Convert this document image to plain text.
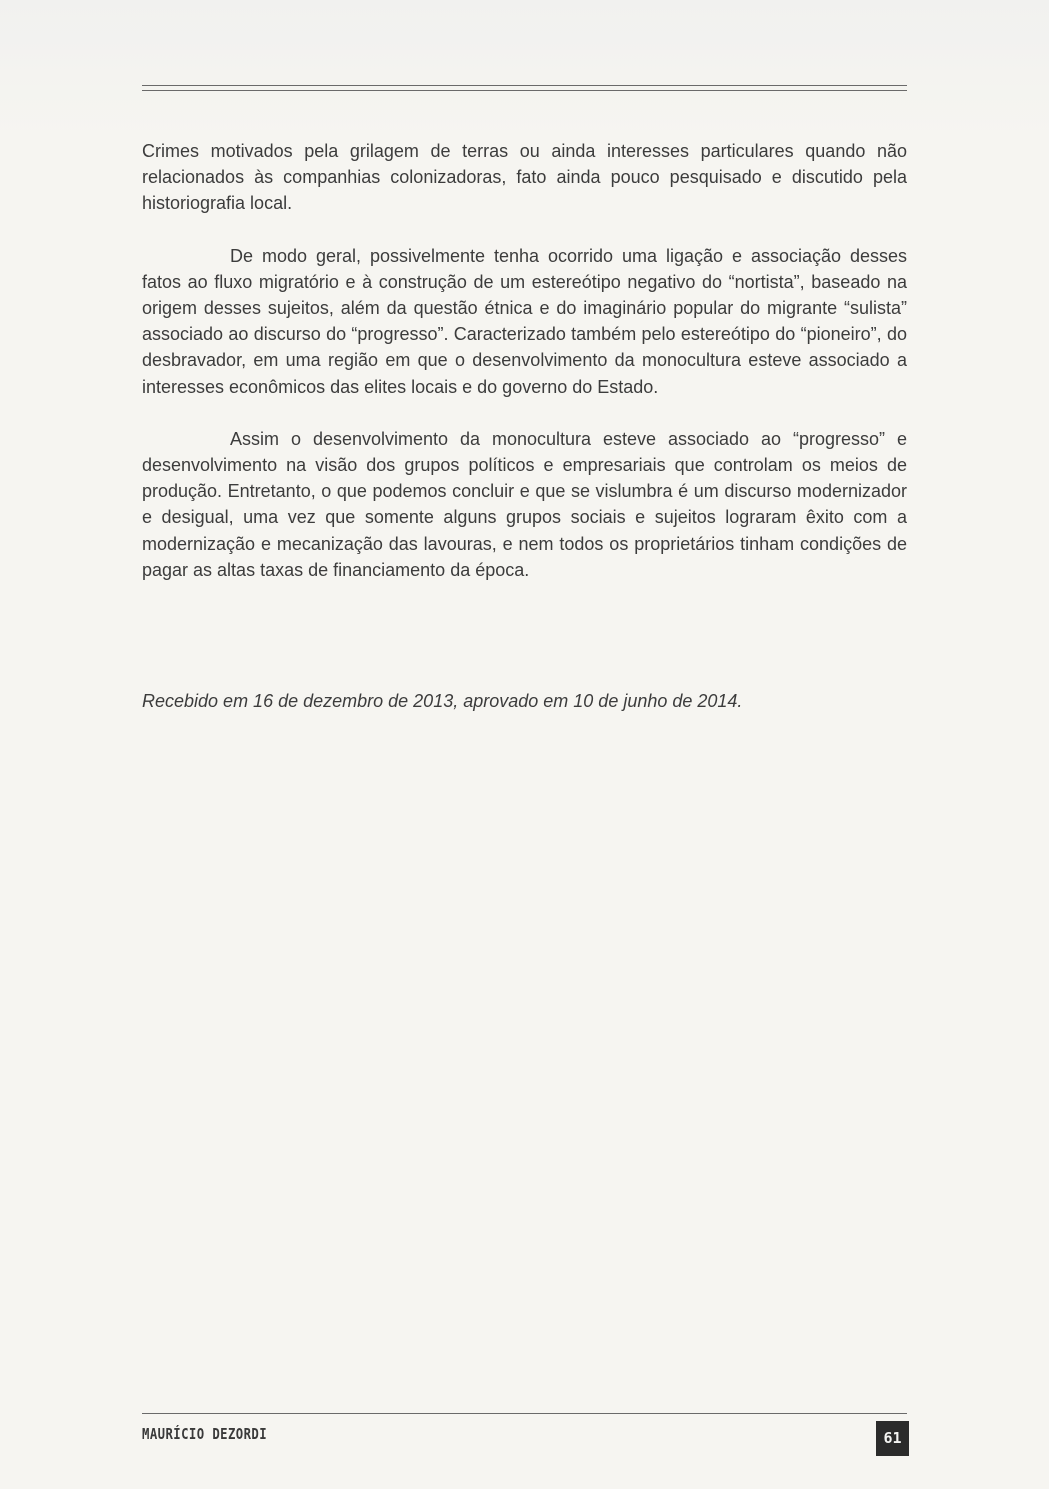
Crimes motivados pela grilagem de terras ou ainda interesses particulares quando não relacionados às companhias colonizadoras, fato ainda pouco pesquisado e discutido pela historiografia local.

De modo geral, possivelmente tenha ocorrido uma ligação e associação desses fatos ao fluxo migratório e à construção de um estereótipo negativo do “nortista”, baseado na origem desses sujeitos, além da questão étnica e do imaginário popular do migrante “sulista” associado ao discurso do “progresso”. Caracterizado também pelo estereótipo do “pioneiro”, do desbravador, em uma região em que o desenvolvimento da monocultura esteve associado a interesses econômicos das elites locais e do governo do Estado.

Assim o desenvolvimento da monocultura esteve associado ao “progresso” e desenvolvimento na visão dos grupos políticos e empresariais que controlam os meios de produção. Entretanto, o que podemos concluir e que se vislumbra é um discurso modernizador e desigual, uma vez que somente alguns grupos sociais e sujeitos lograram êxito com a modernização e mecanização das lavouras, e nem todos os proprietários tinham condições de pagar as altas taxas de financiamento da época.

Recebido em 16 de dezembro de 2013, aprovado em 10 de junho de 2014.
MAURÍCIO DEZORDI	61
